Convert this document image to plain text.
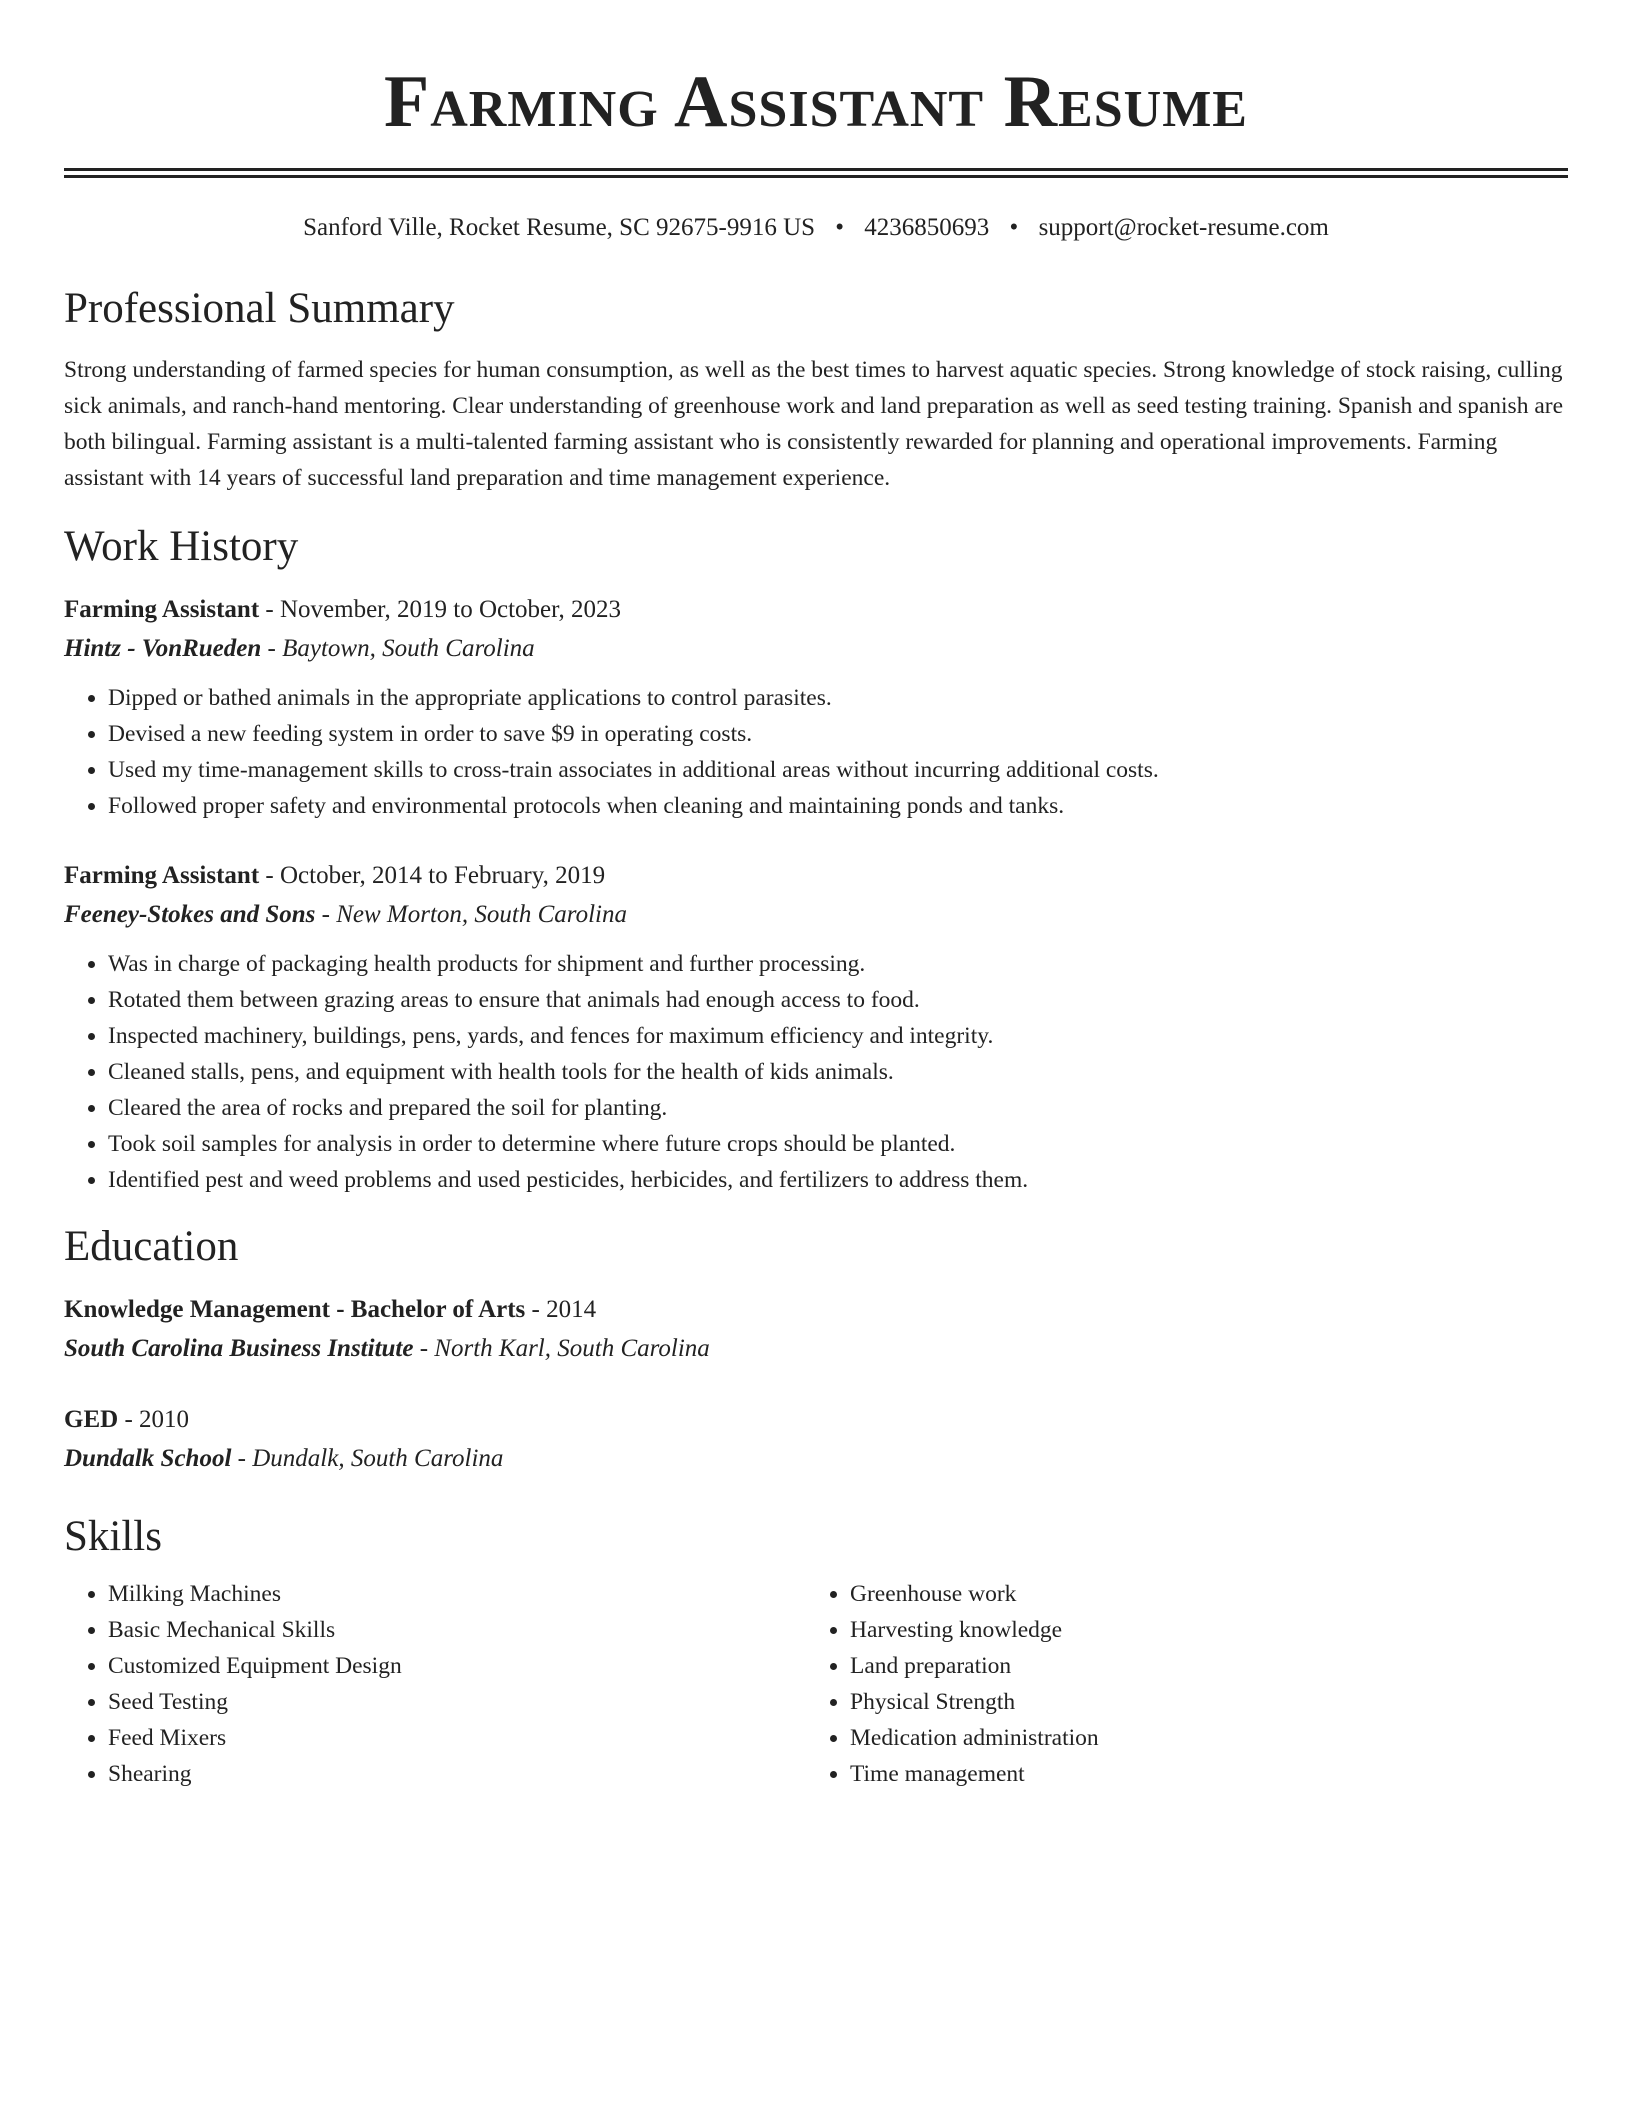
Farming Assistant Resume
Sanford Ville, Rocket Resume, SC 92675-9916 US • 4236850693 • support@rocket-resume.com
Professional Summary

Strong understanding of farmed species for human consumption, as well as the best times to harvest aquatic species. Strong knowledge of stock raising, culling sick animals, and ranch-hand mentoring. Clear understanding of greenhouse work and land preparation as well as seed testing training. Spanish and spanish are both bilingual. Farming assistant is a multi-talented farming assistant who is consistently rewarded for planning and operational improvements. Farming assistant with 14 years of successful land preparation and time management experience.

Work History
Farming Assistant - November, 2019 to October, 2023
Hintz - VonRueden - Baytown, South Carolina
• Dipped or bathed animals in the appropriate applications to control parasites.
• Devised a new feeding system in order to save $9 in operating costs.
• Used my time-management skills to cross-train associates in additional areas without incurring additional costs.
• Followed proper safety and environmental protocols when cleaning and maintaining ponds and tanks.
Farming Assistant - October, 2014 to February, 2019
Feeney-Stokes and Sons - New Morton, South Carolina
• Was in charge of packaging health products for shipment and further processing.
• Rotated them between grazing areas to ensure that animals had enough access to food.
• Inspected machinery, buildings, pens, yards, and fences for maximum efficiency and integrity.
• Cleaned stalls, pens, and equipment with health tools for the health of kids animals.
• Cleared the area of rocks and prepared the soil for planting.
• Took soil samples for analysis in order to determine where future crops should be planted.
• Identified pest and weed problems and used pesticides, herbicides, and fertilizers to address them.
Education
Knowledge Management - Bachelor of Arts - 2014
South Carolina Business Institute - North Karl, South Carolina
GED - 2010
Dundalk School - Dundalk, South Carolina
Skills
• Milking Machines
• Basic Mechanical Skills
• Customized Equipment Design
• Seed Testing
• Feed Mixers
• Shearing
• Greenhouse work
• Harvesting knowledge
• Land preparation
• Physical Strength
• Medication administration
• Time management
